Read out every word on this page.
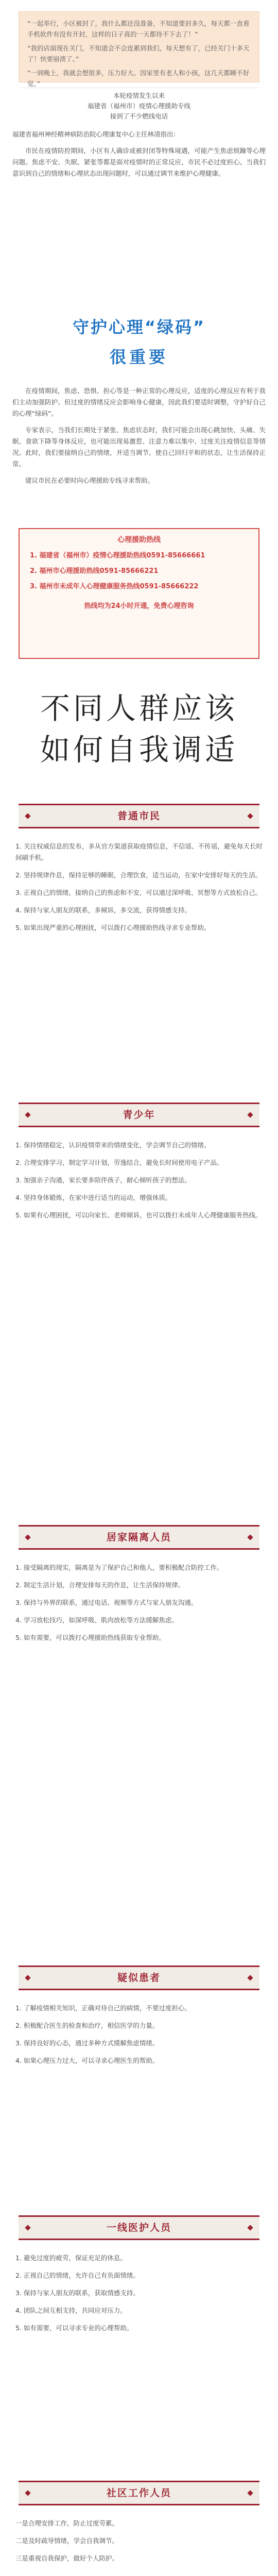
“一起举行，小区被封了，我什么都还没准备，不知道要封多久，每天都一直看手机软件有没有开封，这样的日子真的一天都待不下去了！”

“我的店面现在关门，不知道会不会连累到我们，每天想有了，已经关门十多天了！快要崩溃了。”

“一到晚上，我就会想很多，压力好大。因家里有老人和小孩，这几天都睡不好觉。”

本轮疫情发生以来
福建省（福州市）疫情心理援助专线
接到了不少燃线电话

福建省福州神经精神病防治院心理康复中心主任林清指出：

市民在疫情防控期间，小区有人确诊或被封闭等特殊境遇，可能产生焦虑烦躁等心理问题。焦虑不安、失眠、紧张等都是面对疫情时的正常反应，市民不必过度担心。当我们意识到自己的情绪和心理状态出现问题时，可以通过调节来维护心理健康。

守护心理“绿码”
很重要

在疫情期间，焦虑、恐惧、担心等是一种正常的心理反应，适度的心理反应有利于我们主动加强防护。但过度的情绪反应会影响身心健康，因此我们要适时调整，守护好自己的心理“绿码”。

专家表示，当我们长期处于紧张、焦虑状态时，我们可能会出现心跳加快、头痛、失眠、食欲下降等身体反应，也可能出现易激惹、注意力难以集中、过度关注疫情信息等情况。此时，我们要接纳自己的情绪，并适当调节，使自己回归平和的状态，让生活保持正常。

建议市民在必要时向心理援助专线寻求帮助。

心理援助热线
1. 福建省（福州市）疫情心理援助热线0591-85666661
2. 福州市心理援助热线0591-85666221
3. 福州市未成年人心理健康服务热线0591-85666222
热线均为24小时开通，免费心理咨询
不同人群应该
如何自我调适
普通市民

1. 关注权威信息的发布，多从官方渠道获取疫情信息，不信谣、不传谣，避免每天长时间刷手机。

2. 坚持规律作息，保持足够的睡眠，合理饮食，适当运动，在家中安排好每天的生活。

3. 正视自己的情绪，接纳自己的焦虑和不安，可以通过深呼吸、冥想等方式放松自己。

4. 保持与家人朋友的联系，多倾诉，多交流，获得情感支持。

5. 如果出现严重的心理困扰，可以拨打心理援助热线寻求专业帮助。

青少年

1. 保持情绪稳定，认识疫情带来的情绪变化，学会调节自己的情绪。

2. 合理安排学习，制定学习计划，劳逸结合，避免长时间使用电子产品。

3. 加强亲子沟通，家长要多陪伴孩子，耐心倾听孩子的想法。

4. 坚持身体锻炼，在家中进行适当的运动，增强体质。

5. 如果有心理困扰，可以向家长、老师倾诉，也可以拨打未成年人心理健康服务热线。

居家隔离人员

1. 接受隔离的现实，隔离是为了保护自己和他人，要积极配合防控工作。

2. 制定生活计划，合理安排每天的作息，让生活保持规律。

3. 保持与外界的联系，通过电话、视频等方式与家人朋友沟通。

4. 学习放松技巧，如深呼吸、肌肉放松等方法缓解焦虑。

5. 如有需要，可以拨打心理援助热线获取专业帮助。

疑似患者

1. 了解疫情相关知识，正确对待自己的病情，不要过度担心。

2. 积极配合医生的检查和治疗，相信医学的力量。

3. 保持良好的心态，通过多种方式缓解焦虑情绪。

4. 如果心理压力过大，可以寻求心理医生的帮助。

一线医护人员

1. 避免过度的疲劳，保证充足的休息。

2. 正视自己的情绪，允许自己有负面情绪。

3. 保持与家人朋友的联系，获取情感支持。

4. 团队之间互相支持，共同应对压力。

5. 如有需要，可以寻求专业的心理帮助。

社区工作人员

一是合理安排工作，防止过度劳累。

二是及时疏导情绪，学会自我调节。

三是重视自我保护，做好个人防护。
